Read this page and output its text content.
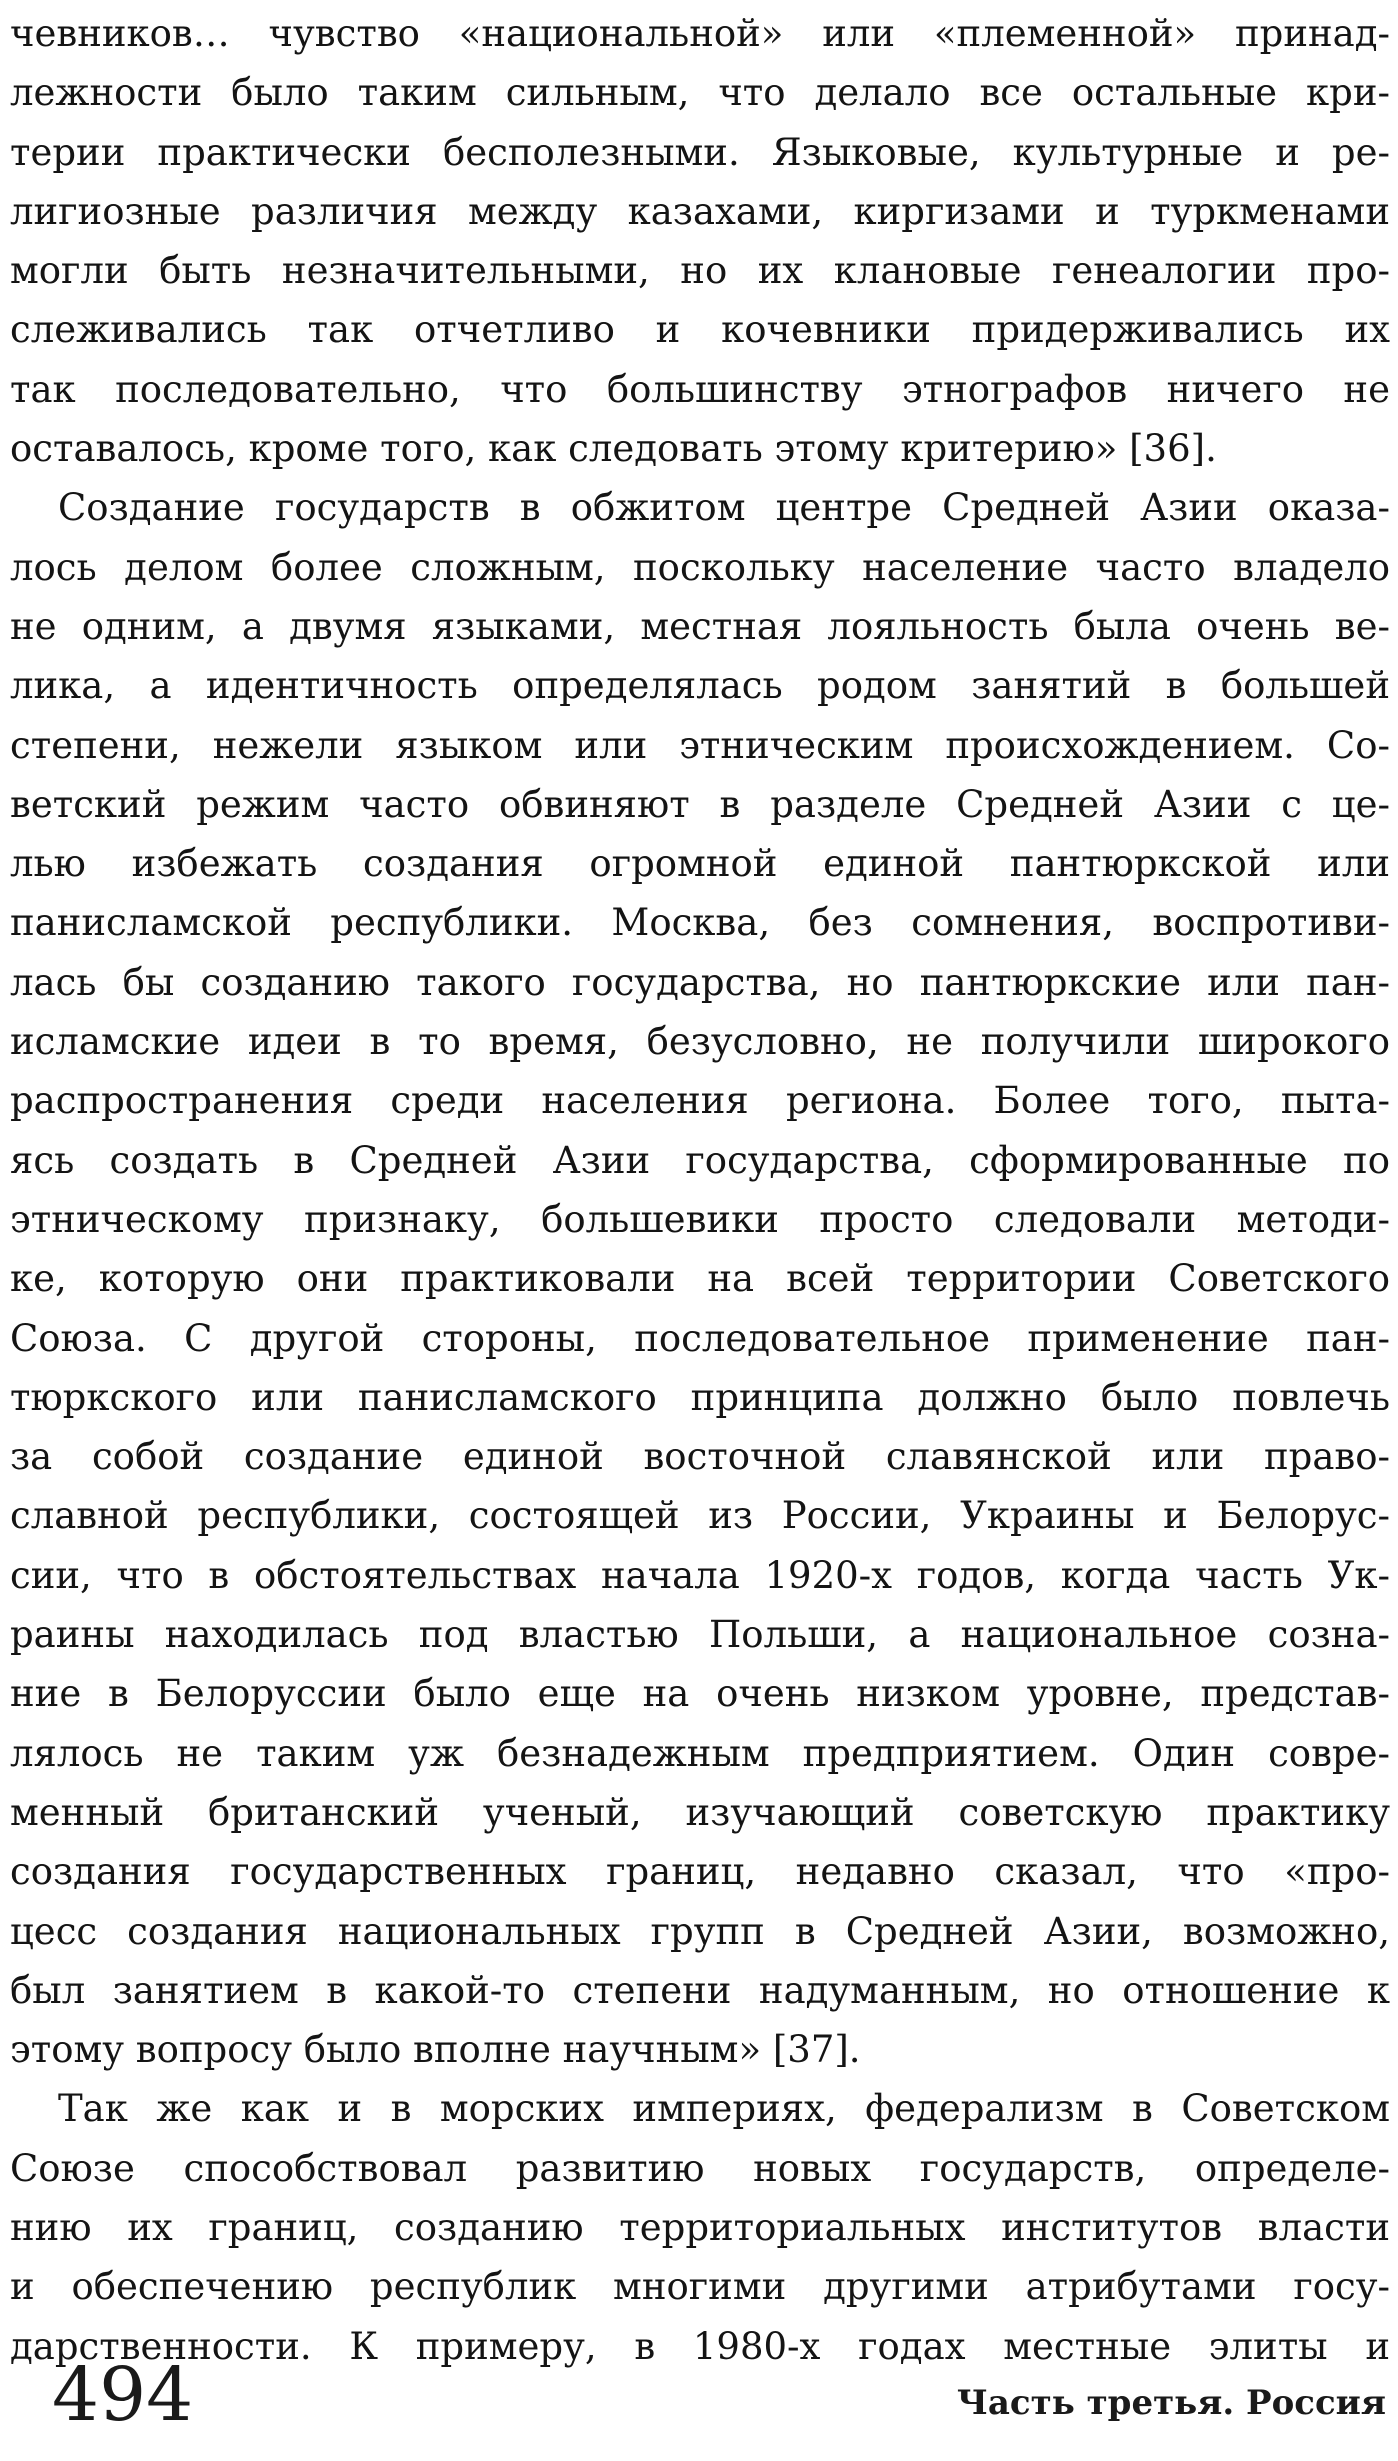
чевников… чувство «национальной» или «племенной» принад-
лежности было таким сильным, что делало все остальные кри-
терии практически бесполезными. Языковые, культурные и ре-
лигиозные различия между казахами, киргизами и туркменами
могли быть незначительными, но их клановые генеалогии про-
слеживались так отчетливо и кочевники придерживались их
так последовательно, что большинству этнографов ничего не
оставалось, кроме того, как следовать этому критерию» [36].
Создание государств в обжитом центре Средней Азии оказа-
лось делом более сложным, поскольку население часто владело
не одним, а двумя языками, местная лояльность была очень ве-
лика, а идентичность определялась родом занятий в большей
степени, нежели языком или этническим происхождением. Со-
ветский режим часто обвиняют в разделе Средней Азии с це-
лью избежать создания огромной единой пантюркской или
панисламской республики. Москва, без сомнения, воспротиви-
лась бы созданию такого государства, но пантюркские или пан-
исламские идеи в то время, безусловно, не получили широкого
распространения среди населения региона. Более того, пыта-
ясь создать в Средней Азии государства, сформированные по
этническому признаку, большевики просто следовали методи-
ке, которую они практиковали на всей территории Советского
Союза. С другой стороны, последовательное применение пан-
тюркского или панисламского принципа должно было повлечь
за собой создание единой восточной славянской или право-
славной республики, состоящей из России, Украины и Белорус-
сии, что в обстоятельствах начала 1920-х годов, когда часть Ук-
раины находилась под властью Польши, а национальное созна-
ние в Белоруссии было еще на очень низком уровне, представ-
лялось не таким уж безнадежным предприятием. Один совре-
менный британский ученый, изучающий советскую практику
создания государственных границ, недавно сказал, что «про-
цесс создания национальных групп в Средней Азии, возможно,
был занятием в какой-то степени надуманным, но отношение к
этому вопросу было вполне научным» [37].
Так же как и в морских империях, федерализм в Советском
Союзе способствовал развитию новых государств, определе-
нию их границ, созданию территориальных институтов власти
и обеспечению республик многими другими атрибутами госу-
дарственности. К примеру, в 1980-х годах местные элиты и
494	Часть третья. Россия
